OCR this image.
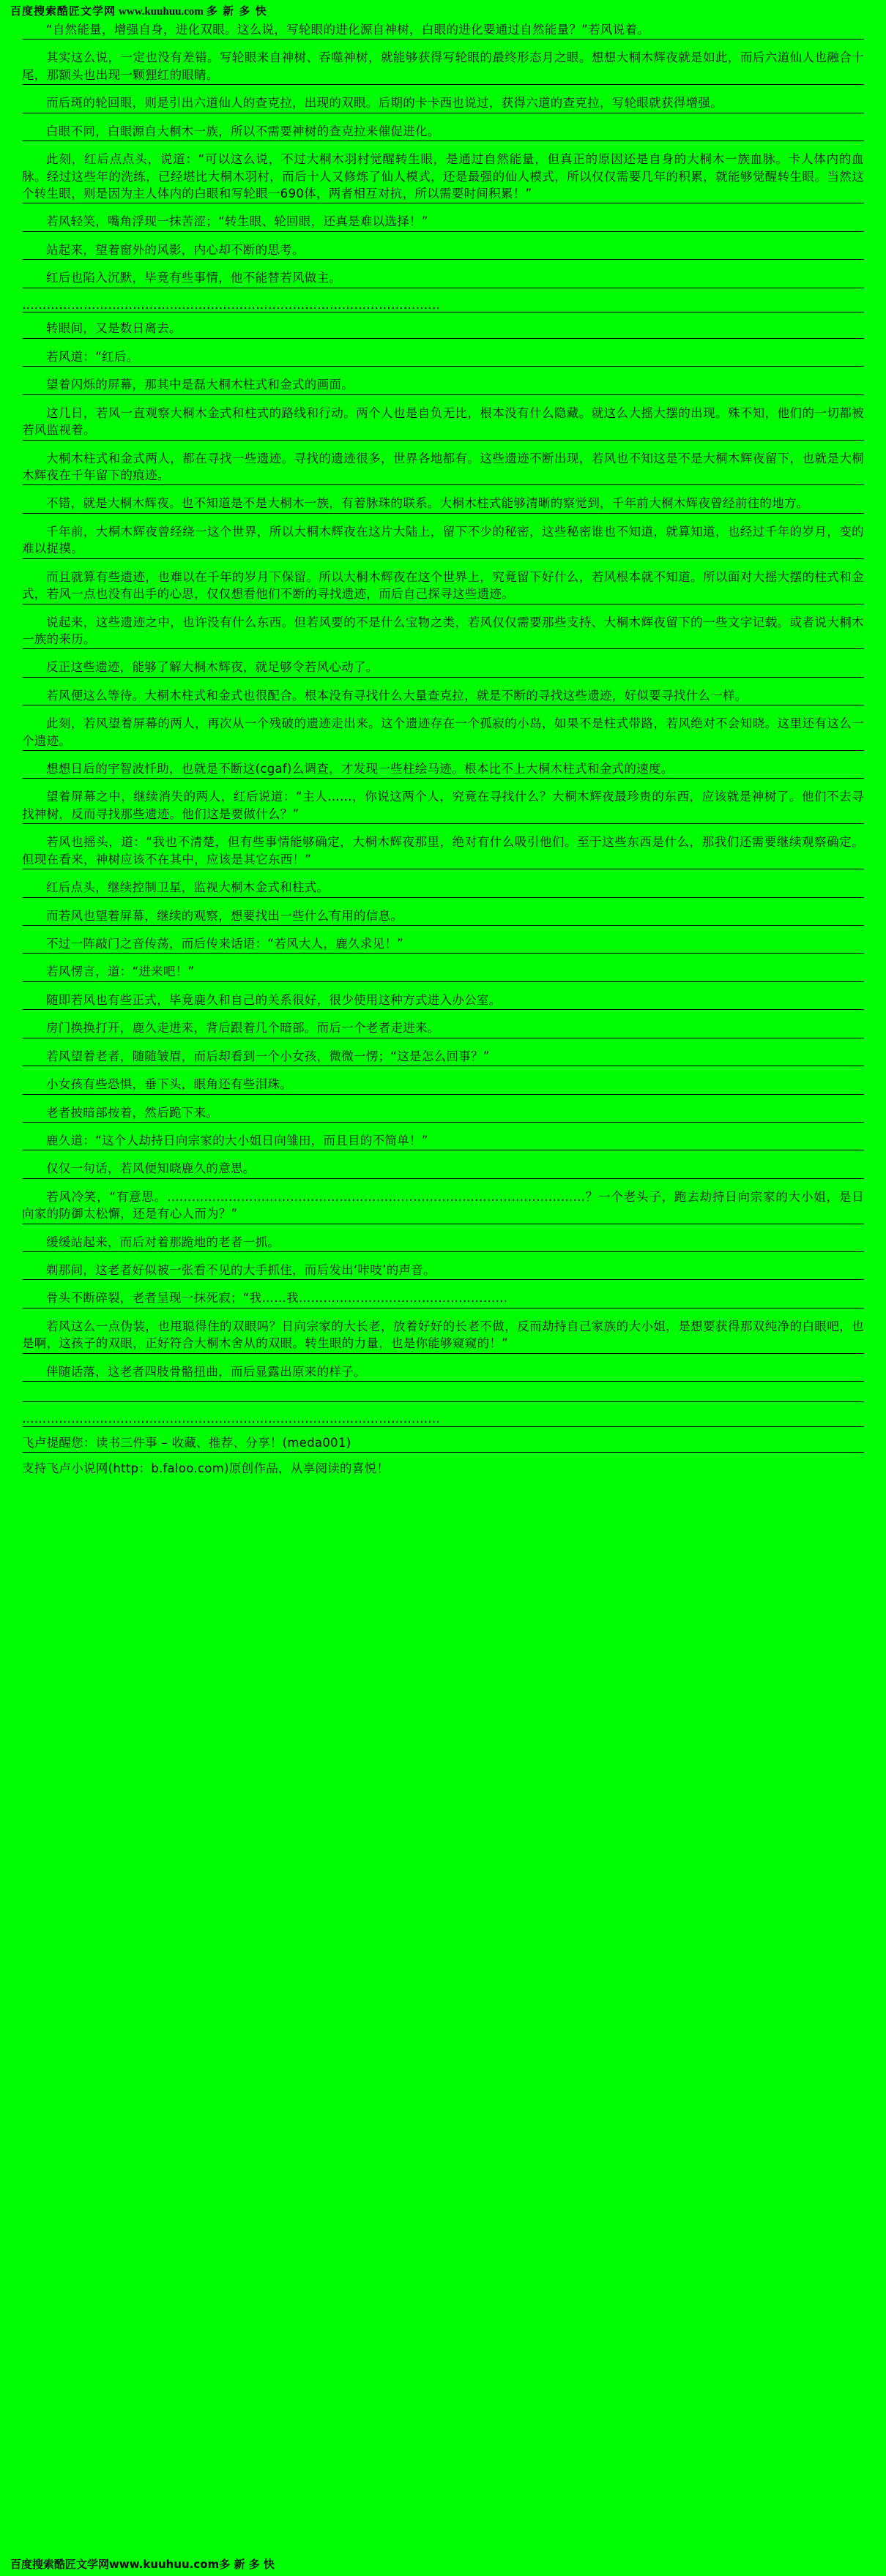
百度搜索酷匠文学网 www.kuuhuu.com 多 新 多 快

“自然能量，增强自身，进化双眼。这么说，写轮眼的进化源自神树，白眼的进化要通过自然能量？”若风说着。

其实这么说，一定也没有差错。写轮眼来自神树、吞噬神树，就能够获得写轮眼的最终形态月之眼。想想大桐木辉夜就是如此，而后六道仙人也融合十尾，那额头也出现一颗狸红的眼睛。

而后斑的轮回眼，则是引出六道仙人的查克拉，出现的双眼。后期的卡卡西也说过，获得六道的查克拉，写轮眼就获得增强。

白眼不同，白眼源自大桐木一族，所以不需要神树的查克拉来催促进化。

此刻，红后点点头，说道：“可以这么说，不过大桐木羽村觉醒转生眼，是通过自然能量，但真正的原因还是自身的大桐木一族血脉。卡人体内的血脉。经过这些年的洗练，已经堪比大桐木羽村，而后十人又修炼了仙人模式，还是最强的仙人模式，所以仅仅需要几年的积累，就能够觉醒转生眼。当然这个转生眼，则是因为主人体内的白眼和写轮眼一690体，两者相互对抗，所以需要时间积累！”

若风轻笑，嘴角浮现一抹苦涩；“转生眼、轮回眼，还真是难以选择！”

站起来，望着窗外的风影，内心却不断的思考。

红后也陷入沉默，毕竟有些事情，他不能替若风做主。

…………………………………………………………………………………………

转眼间，又是数日离去。

若风道：“红后。

望着闪烁的屏幕，那其中是磊大桐木柱式和金式的画面。

这几日，若风一直观察大桐木金式和柱式的路线和行动。两个人也是自负无比，根本没有什么隐藏。就这么大摇大摆的出现。殊不知，他们的一切都被若风监视着。

大桐木柱式和金式两人，都在寻找一些遗迹。寻找的遗迹很多，世界各地都有。这些遗迹不断出现，若风也不知这是不是大桐木辉夜留下，也就是大桐木辉夜在千年留下的痕迹。

不错，就是大桐木辉夜。也不知道是不是大桐木一族，有着脉珠的联系。大桐木柱式能够清晰的察觉到，千年前大桐木辉夜曾经前往的地方。

千年前，大桐木辉夜曾经绕一这个世界，所以大桐木辉夜在这片大陆上，留下不少的秘密，这些秘密谁也不知道，就算知道，也经过千年的岁月，变的难以捉摸。

而且就算有些遗迹，也难以在千年的岁月下保留。所以大桐木辉夜在这个世界上，究竟留下好什么，若风根本就不知道。所以面对大摇大摆的柱式和金式，若风一点也没有出手的心思，仅仅想看他们不断的寻找遗迹，而后自己探寻这些遗迹。

说起来，这些遗迹之中，也许没有什么东西。但若风要的不是什么宝物之类，若风仅仅需要那些支持、大桐木辉夜留下的一些文字记载。或者说大桐木一族的来历。

反正这些遗迹，能够了解大桐木辉夜，就足够令若风心动了。

若风便这么等待。大桐木柱式和金式也很配合。根本没有寻找什么大量查克拉，就是不断的寻找这些遗迹，好似要寻找什么一样。

此刻，若风望着屏幕的两人，再次从一个残破的遗迹走出来。这个遗迹存在一个孤寂的小岛，如果不是柱式带路，若风绝对不会知晓。这里还有这么一个遗迹。

想想日后的宇智波忏助，也就是不断这(cgaf)么调查，才发现一些柱绘马迹。根本比不上大桐木柱式和金式的速度。

望着屏幕之中，继续消失的两人，红后说道：“主人……，你说这两个人，究竟在寻找什么？大桐木辉夜最珍贵的东西，应该就是神树了。他们不去寻找神树，反而寻找那些遗迹。他们这是要做什么？”

若风也摇头，道：“我也不清楚，但有些事情能够确定，大桐木辉夜那里，绝对有什么吸引他们。至于这些东西是什么，那我们还需要继续观察确定。但现在看来，神树应该不在其中，应该是其它东西！”

红后点头，继续控制卫星，监视大桐木金式和柱式。

而若风也望着屏幕，继续的观察，想要找出一些什么有用的信息。

不过一阵敲门之音传荡，而后传来话语：“若风大人，鹿久求见！”

若风愣言，道：“进来吧！”

随即若风也有些正式，毕竟鹿久和自己的关系很好，很少使用这种方式进入办公室。

房门换换打开，鹿久走进来，背后跟着几个暗部。而后一个老者走进来。

若风望着老者，随随皱眉，而后却看到一个小女孩，微微一愣；“这是怎么回事？”

小女孩有些恐惧，垂下头，眼角还有些泪珠。

老者披暗部按着，然后跪下来。

鹿久道：“这个人劫持日向宗家的大小姐日向雏田，而且目的不简单！”

仅仅一句话，若风便知晓鹿久的意思。

若风冷笑，“有意思。…………………………………………………………………………………………？一个老头子，跑去劫持日向宗家的大小姐，是日向家的防御太松懈，还是有心人而为？”

缓缓站起来，而后对着那跪地的老者一抓。

剃那间，这老者好似被一张看不见的大手抓住，而后发出‘咔吱’的声音。

骨头不断碎裂，老者呈现一抹死寂；“我……我……………………………………………

若风这么一点伪装，也甩聪得住的双眼吗？日向宗家的大长老，放着好好的长老不做，反而劫持自己家族的大小姐，是想要获得那双纯净的白眼吧，也是啊，这孩子的双眼，正好符合大桐木舍从的双眼。转生眼的力量，也是你能够窥窥的！”

伴随话落，这老者四肢骨骼扭曲，而后显露出原来的样子。

…………………………………………………………………………………………

飞卢提醒您：读书三件事 – 收藏、推荐、分享！(meda001)

支持飞卢小说网(http：b.faloo.com)原创作品，从享阅读的喜悦！

百度搜索酷匠文学网www.kuuhuu.com多 新 多 快
